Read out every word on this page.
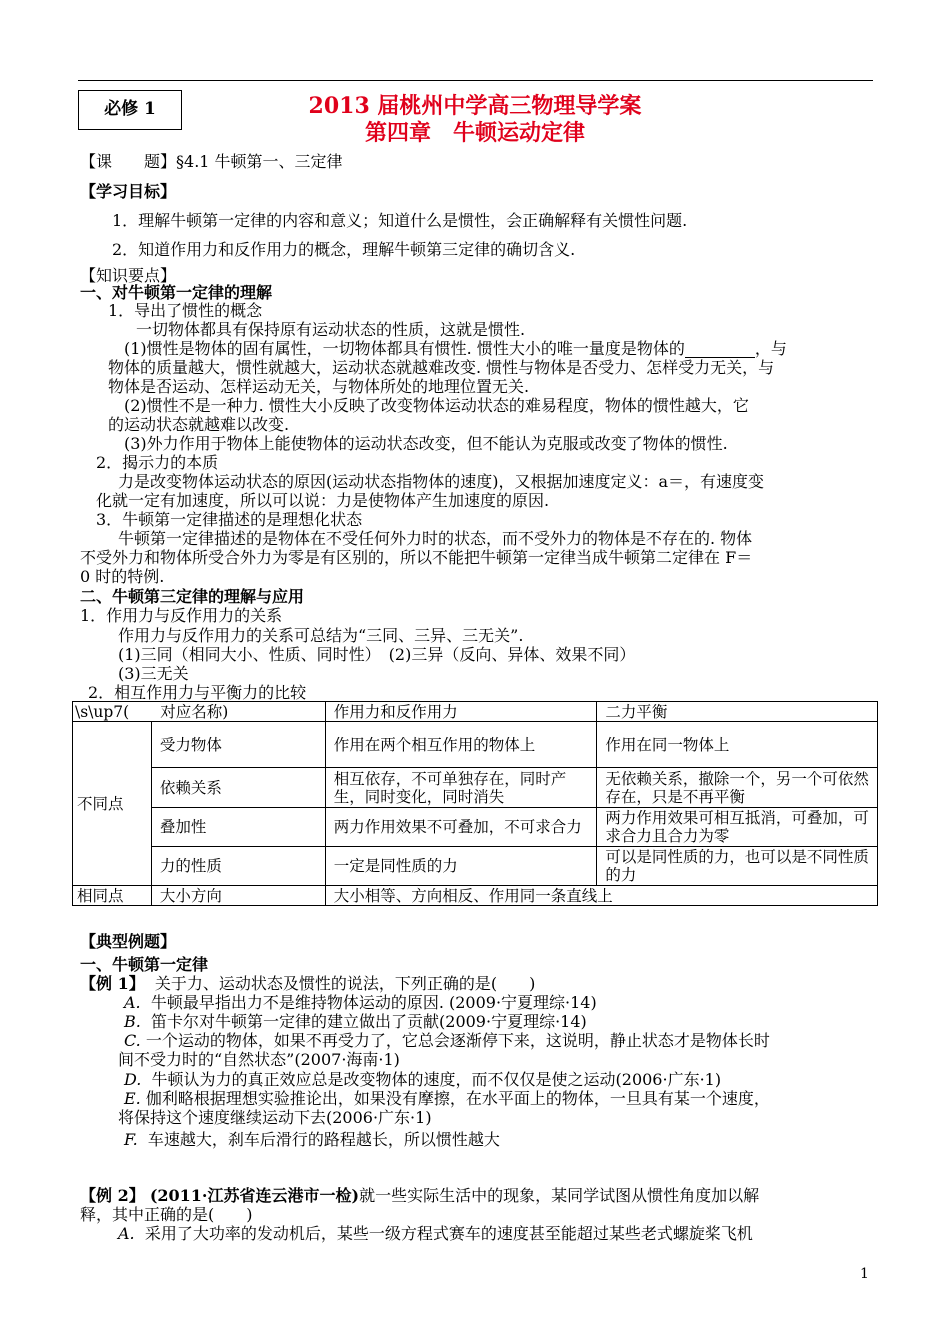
必修 1	2013 届桃州中学高三物理导学案
第四章　牛顿运动定律
【课　　题】§4.1 牛顿第一、三定律
【学习目标】
1．理解牛顿第一定律的内容和意义；知道什么是惯性，会正确解释有关惯性问题.
2．知道作用力和反作用力的概念，理解牛顿第三定律的确切含义.
【知识要点】
一、对牛顿第一定律的理解
1．导出了惯性的概念
一切物体都具有保持原有运动状态的性质，这就是惯性.
(1)惯性是物体的固有属性，一切物体都具有惯性. 惯性大小的唯一量度是物体的	，与
物体的质量越大，惯性就越大，运动状态就越难改变. 惯性与物体是否受力、怎样受力无关，与
物体是否运动、怎样运动无关，与物体所处的地理位置无关.
(2)惯性不是一种力. 惯性大小反映了改变物体运动状态的难易程度，物体的惯性越大，它
的运动状态就越难以改变.
(3)外力作用于物体上能使物体的运动状态改变，但不能认为克服或改变了物体的惯性.
2．揭示力的本质
力是改变物体运动状态的原因(运动状态指物体的速度)，又根据加速度定义：a＝，有速度变
化就一定有加速度，所以可以说：力是使物体产生加速度的原因.
3．牛顿第一定律描述的是理想化状态
牛顿第一定律描述的是物体在不受任何外力时的状态，而不受外力的物体是不存在的. 物体
不受外力和物体所受合外力为零是有区别的，所以不能把牛顿第一定律当成牛顿第二定律在 F＝
0 时的特例.
二、牛顿第三定律的理解与应用
1．作用力与反作用力的关系
作用力与反作用力的关系可总结为“三同、三异、三无关”.
(1)三同（相同大小、性质、同时性）　(2)三异（反向、异体、效果不同）
(3)三无关
2．相互作用力与平衡力的比较
\s\up7(　　对应名称)		作用力和反作用力	二力平衡
不同点	受力物体	作用在两个相互作用的物体上	作用在同一物体上
	依赖关系	相互依存，不可单独存在，同时产生，同时变化，同时消失	无依赖关系，撤除一个，另一个可依然存在，只是不再平衡
	叠加性	两力作用效果不可叠加，不可求合力	两力作用效果可相互抵消，可叠加，可求合力且合力为零
	力的性质	一定是同性质的力	可以是同性质的力，也可以是不同性质的力
相同点	大小方向	大小相等、方向相反、作用同一条直线上	
【典型例题】
一、牛顿第一定律
【例 1】 关于力、运动状态及惯性的说法，下列正确的是(　　)
A. 牛顿最早指出力不是维持物体运动的原因. (2009·宁夏理综·14)
B. 笛卡尔对牛顿第一定律的建立做出了贡献(2009·宁夏理综·14)
C. 一个运动的物体，如果不再受力了，它总会逐渐停下来，这说明，静止状态才是物体长时
间不受力时的“自然状态”(2007·海南·1)
D. 牛顿认为力的真正效应总是改变物体的速度，而不仅仅是使之运动(2006·广东·1)
E. 伽利略根据理想实验推论出，如果没有摩擦，在水平面上的物体，一旦具有某一个速度，
将保持这个速度继续运动下去(2006·广东·1)
F. 车速越大，刹车后滑行的路程越长，所以惯性越大
【例 2】 (2011·江苏省连云港市一检)就一些实际生活中的现象，某同学试图从惯性角度加以解
释，其中正确的是(　　)
A. 采用了大功率的发动机后，某些一级方程式赛车的速度甚至能超过某些老式螺旋桨飞机
1
